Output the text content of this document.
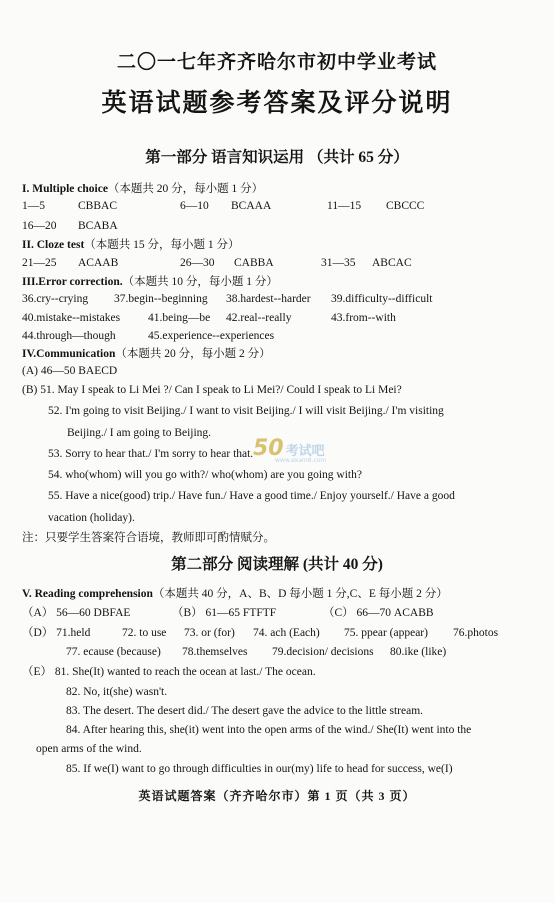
二〇一七年齐齐哈尔市初中学业考试
英语试题参考答案及评分说明
第一部分 语言知识运用 （共计 65 分）
I. Multiple choice（本题共 20 分，每小题 1 分）
1—5	CBBAC	6—10 BCAAA	11—15 CBCCC
16—20 BCABA
II. Cloze test（本题共 15 分，每小题 1 分）
21—25 ACAAB	26—30 CABBA	31—35 ABCAC
III.Error correction.（本题共 10 分，每小题 1 分）
36.cry--crying 37.begin--beginning 38.hardest--harder 39.difficulty--difficult
40.mistake--mistakes 41.being—be 42.real--really	43.from--with
44.through—though	45.experience--experiences
IV.Communication（本题共 20 分，每小题 2 分）
(A) 46—50 BAECD
(B) 51. May I speak to Li Mei ?/ Can I speak to Li Mei?/ Could I speak to Li Mei?
52. I'm going to visit Beijing./ I want to visit Beijing./ I will visit Beijing./ I'm visiting
Beijing./ I am going to Beijing.
53. Sorry to hear that./ I'm sorry to hear that.
54. who(whom) will you go with?/ who(whom) are you going with?
55. Have a nice(good) trip./ Have fun./ Have a good time./ Enjoy yourself./ Have a good
vacation (holiday).
注：只要学生答案符合语境，教师即可酌情赋分。
50 考试吧
www.exam8.com
第二部分 阅读理解 (共计 40 分)
V. Reading comprehension（本题共 40 分，A、B、D 每小题 1 分,C、E 每小题 2 分）
（A） 56—60 DBFAE	（B） 61—65 FTFTF	（C） 66—70 ACABB
（D） 71.held	72. to use 73. or (for) 74. ach (Each) 75. ppear (appear) 76.photos
77. ecause (because) 78.themselves 79.decision/ decisions 80.ike (like)
（E） 81. She(It) wanted to reach the ocean at last./ The ocean.
82. No, it(she) wasn't.
83. The desert. The desert did./ The desert gave the advice to the little stream.
84. After hearing this, she(it) went into the open arms of the wind./ She(It) went into the
open arms of the wind.
85. If we(I) want to go through difficulties in our(my) life to head for success, we(I)
英语试题答案（齐齐哈尔市）第 1 页（共 3 页）
